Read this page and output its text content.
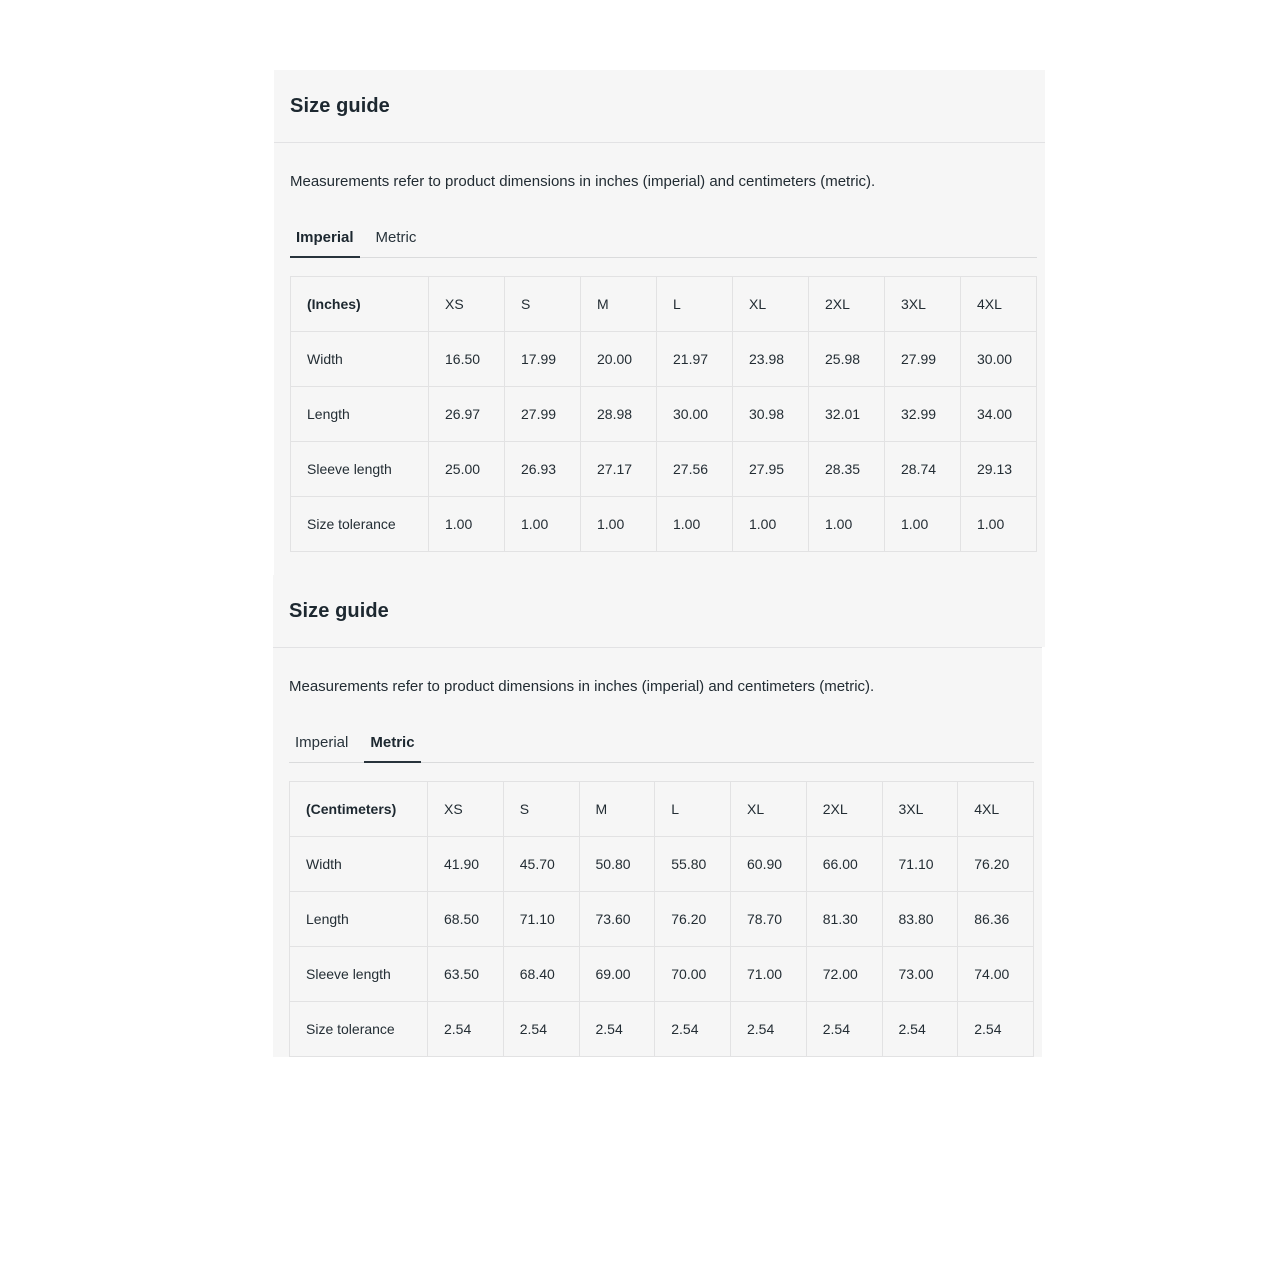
Size guide

Measurements refer to product dimensions in inches (imperial) and centimeters (metric).

Imperial	Metric
(Inches)	XS	S	M	L	XL	2XL	3XL	4XL
Width	16.50	17.99	20.00	21.97	23.98	25.98	27.99	30.00
Length	26.97	27.99	28.98	30.00	30.98	32.01	32.99	34.00
Sleeve length	25.00	26.93	27.17	27.56	27.95	28.35	28.74	29.13
Size tolerance	1.00	1.00	1.00	1.00	1.00	1.00	1.00	1.00
Size guide

Measurements refer to product dimensions in inches (imperial) and centimeters (metric).

Imperial	Metric
(Centimeters)	XS	S	M	L	XL	2XL	3XL	4XL
Width	41.90	45.70	50.80	55.80	60.90	66.00	71.10	76.20
Length	68.50	71.10	73.60	76.20	78.70	81.30	83.80	86.36
Sleeve length	63.50	68.40	69.00	70.00	71.00	72.00	73.00	74.00
Size tolerance	2.54	2.54	2.54	2.54	2.54	2.54	2.54	2.54
